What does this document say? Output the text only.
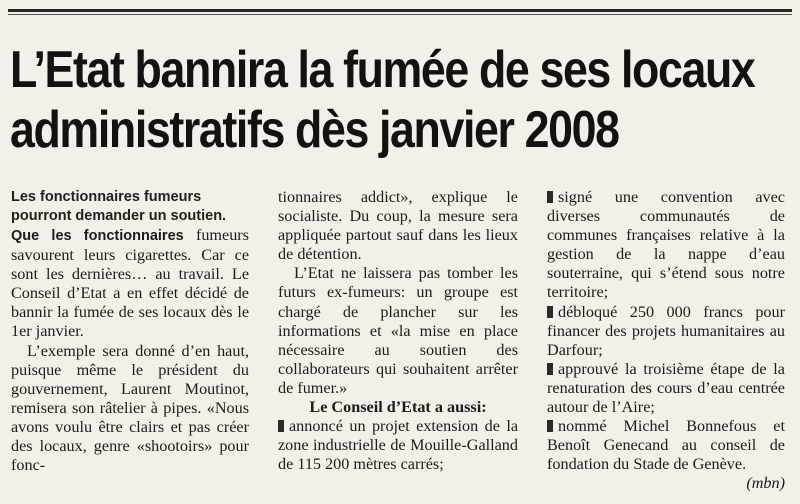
L’Etat bannira la fumée de ses locaux
administratifs dès janvier 2008

Les fonctionnaires fumeurs pourront demander un soutien.

Que les fonctionnaires fumeurs savourent leurs cigarettes. Car ce sont les dernières… au travail. Le Conseil d’Etat a en effet décidé de bannir la fumée de ses locaux dès le 1er janvier.

L’exemple sera donné d’en haut, puisque même le président du gouvernement, Laurent Moutinot, remisera son râtelier à pipes. «Nous avons voulu être clairs et pas créer des locaux, genre «shootoirs» pour fonc-

tionnaires addict», explique le socialiste. Du coup, la mesure sera appliquée partout sauf dans les lieux de détention.

L’Etat ne laissera pas tomber les futurs ex-fumeurs: un groupe est chargé de plancher sur les informations et «la mise en place nécessaire au soutien des collaborateurs qui souhaitent arrêter de fumer.»

Le Conseil d’Etat a aussi:

annoncé un projet extension de la zone industrielle de Mouille-Galland de 115 200 mètres carrés;

signé une convention avec diverses communautés de communes françaises relative à la gestion de la nappe d’eau souterraine, qui s’étend sous notre territoire;

débloqué 250 000 francs pour financer des projets humanitaires au Darfour;

approuvé la troisième étape de la renaturation des cours d’eau centrée autour de l’Aire;

nommé Michel Bonnefous et Benoît Genecand au conseil de fondation du Stade de Genève.

(mbn)
